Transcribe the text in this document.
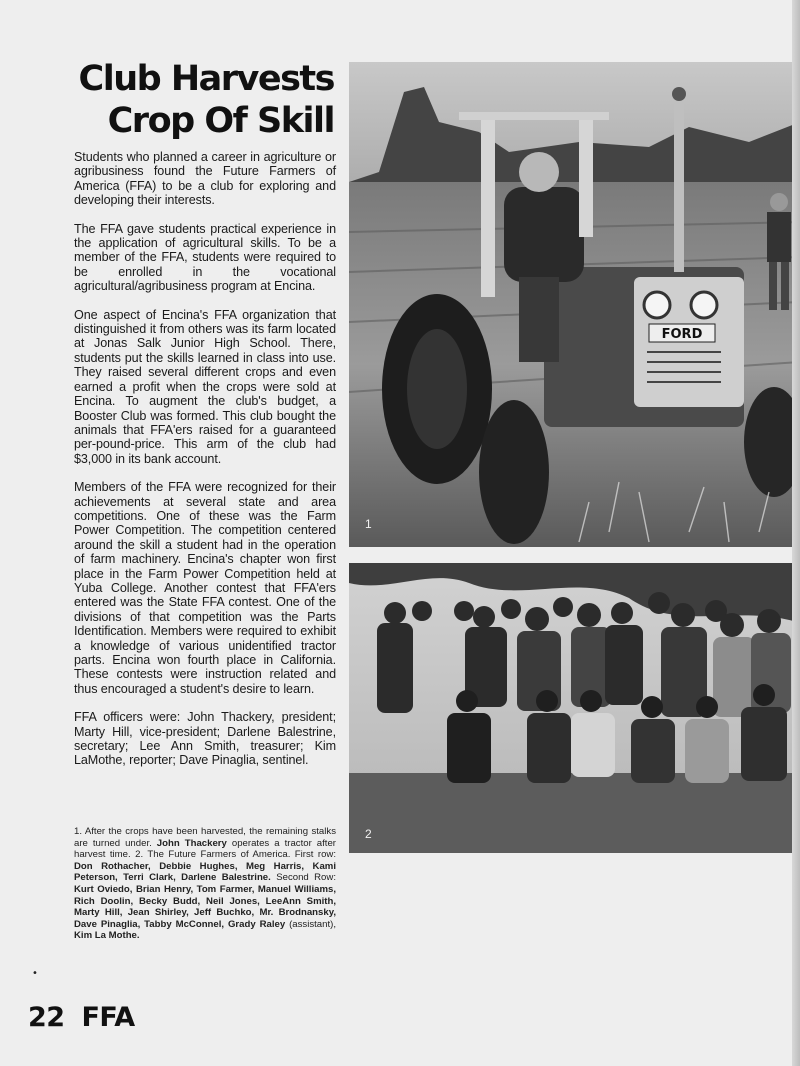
Club Harvests
Crop Of Skill

Students who planned a career in agriculture or agribusiness found the Future Farmers of America (FFA) to be a club for exploring and developing their interests.

The FFA gave students practical experience in the application of agricultural skills. To be a member of the FFA, students were required to be enrolled in the vocational agricultural/agribusiness program at Encina.

One aspect of Encina's FFA organization that distinguished it from others was its farm located at Jonas Salk Junior High School. There, students put the skills learned in class into use. They raised several different crops and even earned a profit when the crops were sold at Encina. To augment the club's budget, a Booster Club was formed. This club bought the animals that FFA'ers raised for a guaranteed per-pound-price. This arm of the club had $3,000 in its bank account.

Members of the FFA were recognized for their achievements at several state and area competitions. One of these was the Farm Power Competition. The competition centered around the skill a student had in the operation of farm machinery. Encina's chapter won first place in the Farm Power Competition held at Yuba College. Another contest that FFA'ers entered was the State FFA contest. One of the divisions of that competition was the Parts Identification. Members were required to exhibit a knowledge of various unidentified tractor parts. Encina won fourth place in California. These contests were instruction related and thus encouraged a student's desire to learn.

FFA officers were: John Thackery, president; Marty Hill, vice-president; Darlene Balestrine, secretary; Lee Ann Smith, treasurer; Kim LaMothe, reporter; Dave Pinaglia, sentinel.

1. After the crops have been harvested, the remaining stalks are turned under. John Thackery operates a tractor after harvest time. 2. The Future Farmers of America. First row: Don Rothacher, Debbie Hughes, Meg Harris, Kami Peterson, Terri Clark, Darlene Balestrine. Second Row: Kurt Oviedo, Brian Henry, Tom Farmer, Manuel Williams, Rich Doolin, Becky Budd, Neil Jones, LeeAnn Smith, Marty Hill, Jean Shirley, Jeff Buchko, Mr. Brodnansky, Dave Pinaglia, Tabby McConnel, Grady Raley (assistant), Kim La Mothe.

•
22 FFA
FORD
1
2
